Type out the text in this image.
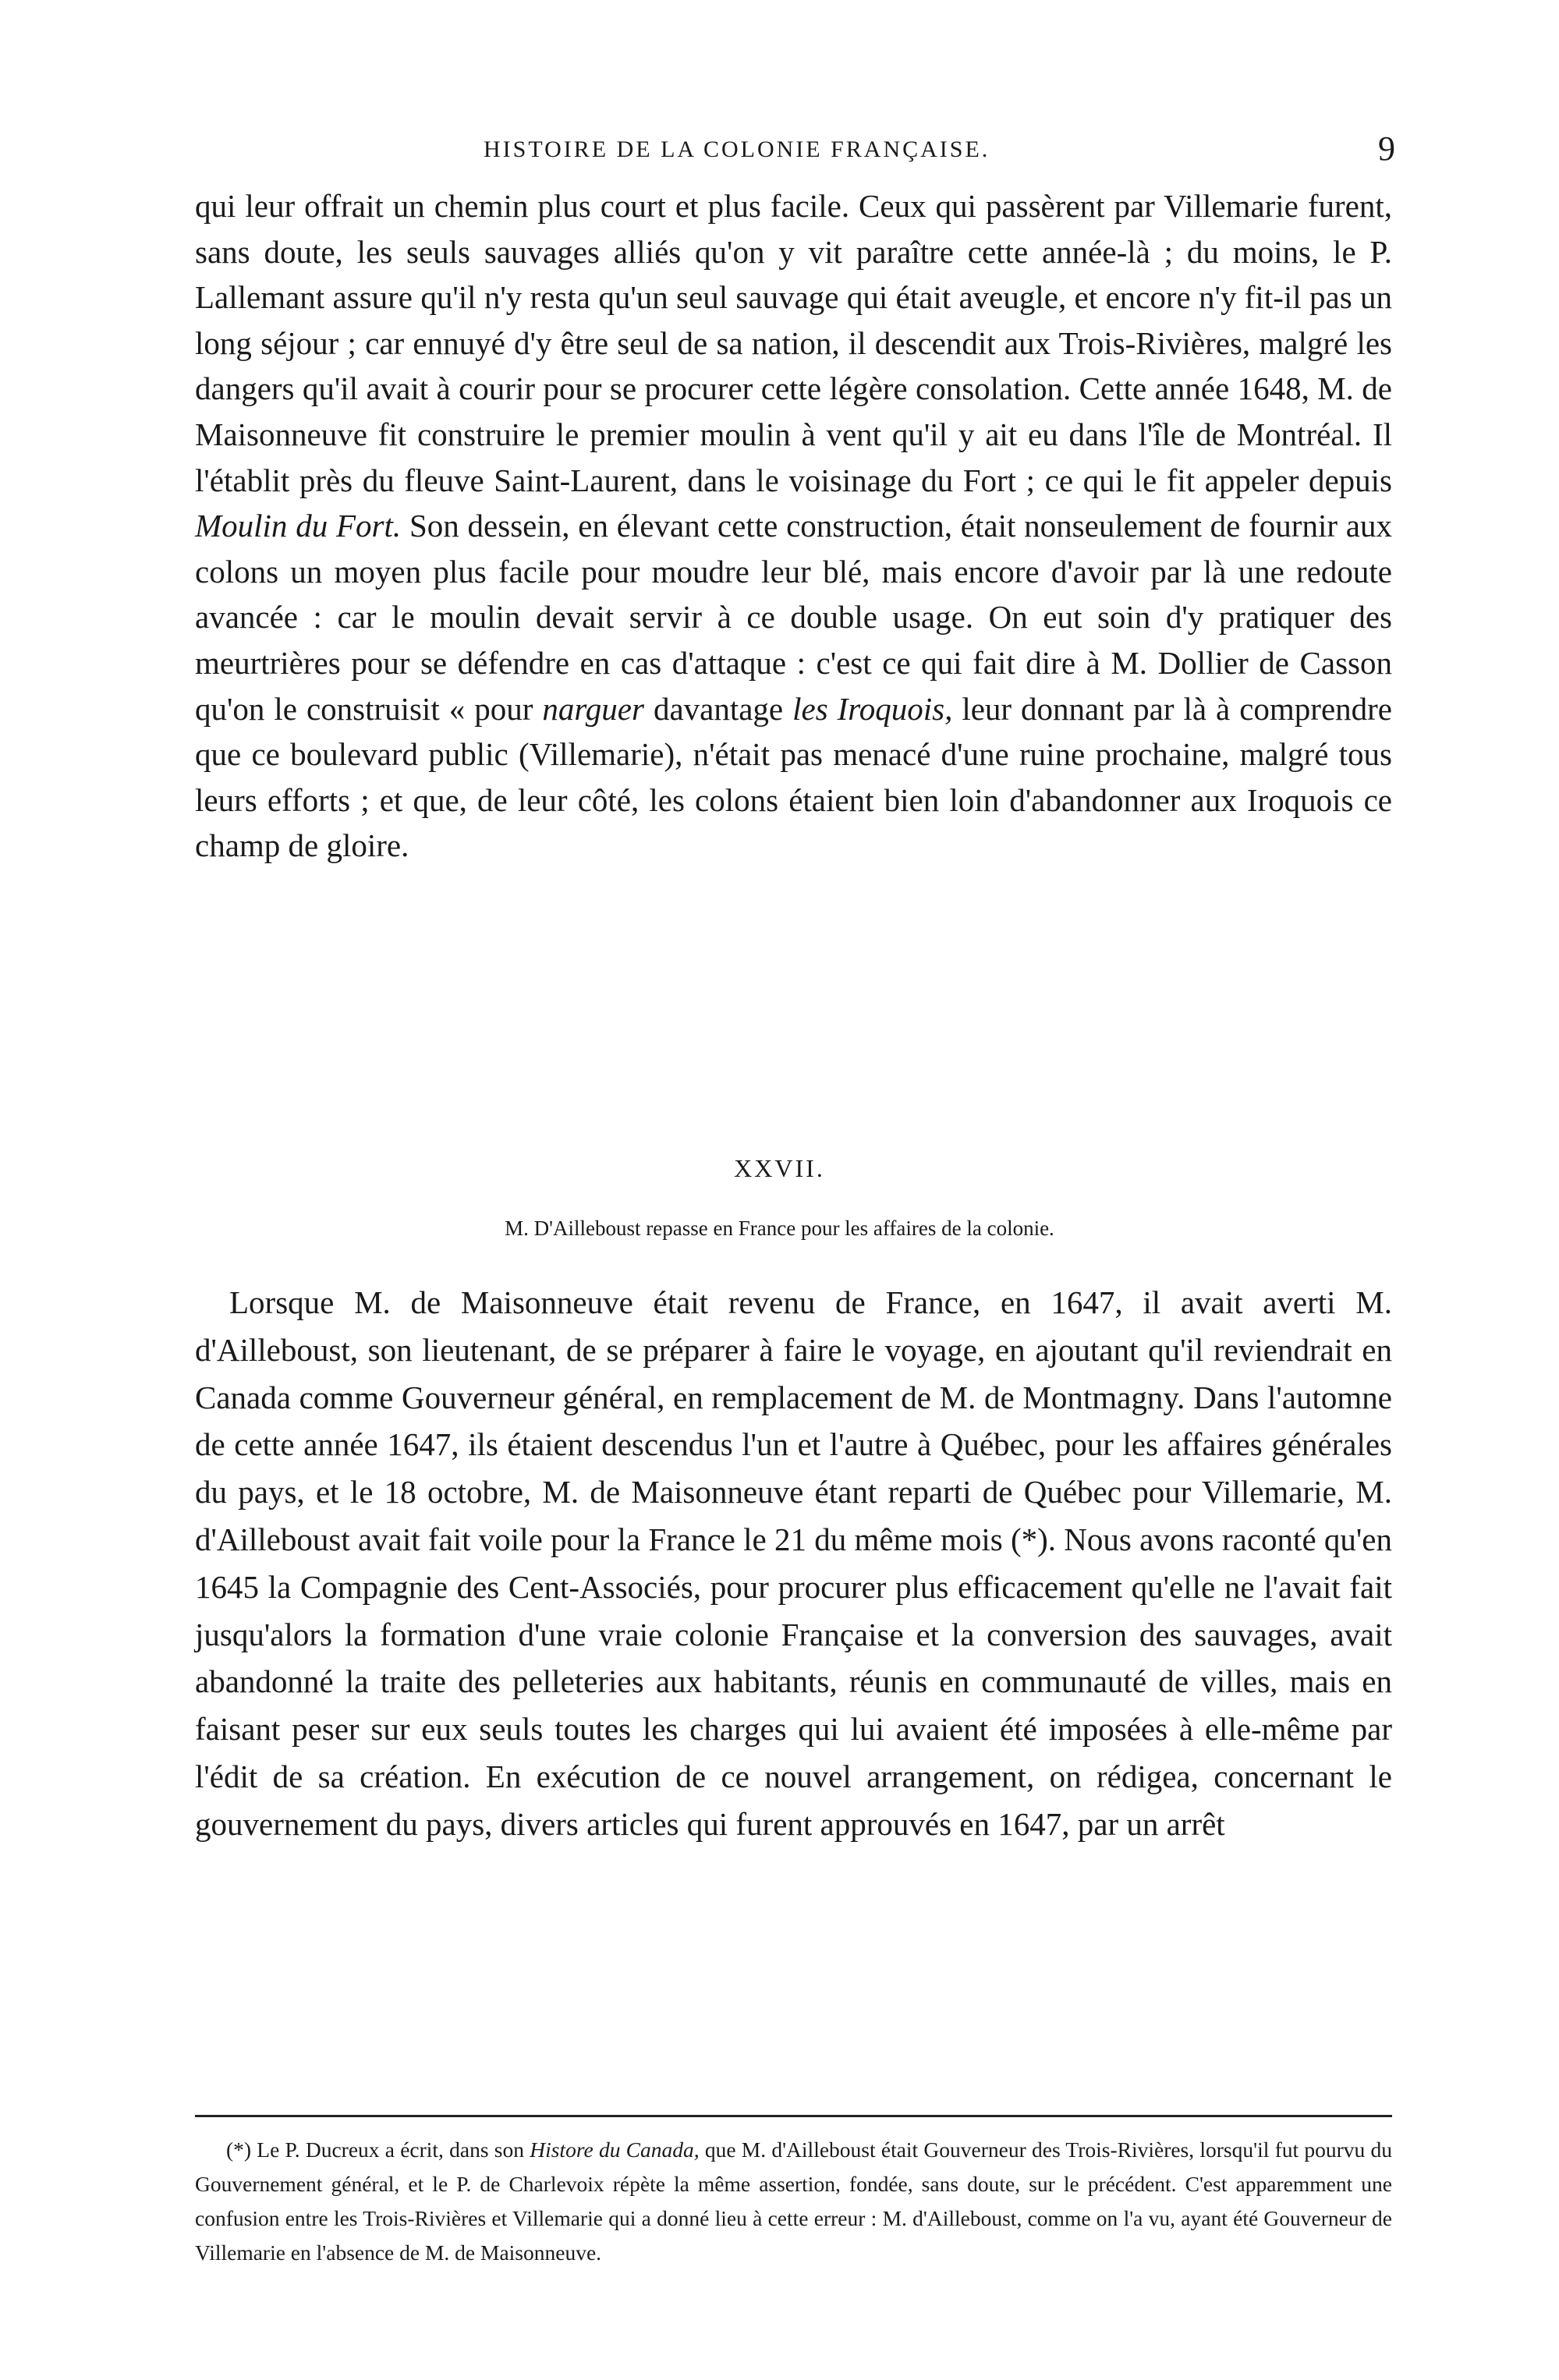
HISTOIRE DE LA COLONIE FRANÇAISE.	9

qui leur offrait un chemin plus court et plus facile. Ceux qui passèrent par Villemarie furent, sans doute, les seuls sauvages alliés qu'on y vit paraître cette année-là ; du moins, le P. Lallemant assure qu'il n'y resta qu'un seul sauvage qui était aveugle, et encore n'y fit-il pas un long séjour ; car ennuyé d'y être seul de sa nation, il descendit aux Trois-Rivières, malgré les dangers qu'il avait à courir pour se procurer cette légère consolation. Cette année 1648, M. de Maisonneuve fit construire le premier moulin à vent qu'il y ait eu dans l'île de Montréal. Il l'établit près du fleuve Saint-Laurent, dans le voisinage du Fort ; ce qui le fit appeler depuis Moulin du Fort. Son dessein, en élevant cette construction, était nonseulement de fournir aux colons un moyen plus facile pour moudre leur blé, mais encore d'avoir par là une redoute avancée : car le moulin devait servir à ce double usage. On eut soin d'y pratiquer des meurtrières pour se défendre en cas d'attaque : c'est ce qui fait dire à M. Dollier de Casson qu'on le construisit « pour narguer davantage les Iroquois, leur donnant par là à comprendre que ce boulevard public (Villemarie), n'était pas menacé d'une ruine prochaine, malgré tous leurs efforts ; et que, de leur côté, les colons étaient bien loin d'abandonner aux Iroquois ce champ de gloire.

XXVII.

M. D'Ailleboust repasse en France pour les affaires de la colonie.

Lorsque M. de Maisonneuve était revenu de France, en 1647, il avait averti M. d'Ailleboust, son lieutenant, de se préparer à faire le voyage, en ajoutant qu'il reviendrait en Canada comme Gouverneur général, en remplacement de M. de Montmagny. Dans l'automne de cette année 1647, ils étaient descendus l'un et l'autre à Québec, pour les affaires générales du pays, et le 18 octobre, M. de Maisonneuve étant reparti de Québec pour Villemarie, M. d'Ailleboust avait fait voile pour la France le 21 du même mois (*). Nous avons raconté qu'en 1645 la Compagnie des Cent-Associés, pour procurer plus efficacement qu'elle ne l'avait fait jusqu'alors la formation d'une vraie colonie Française et la conversion des sauvages, avait abandonné la traite des pelleteries aux habitants, réunis en communauté de villes, mais en faisant peser sur eux seuls toutes les charges qui lui avaient été imposées à elle-même par l'édit de sa création. En exécution de ce nouvel arrangement, on rédigea, concernant le gouvernement du pays, divers articles qui furent approuvés en 1647, par un arrêt

(*) Le P. Ducreux a écrit, dans son Histore du Canada, que M. d'Ailleboust était Gouverneur des Trois-Rivières, lorsqu'il fut pourvu du Gouvernement général, et le P. de Charlevoix répète la même assertion, fondée, sans doute, sur le précédent. C'est apparemment une confusion entre les Trois-Rivières et Villemarie qui a donné lieu à cette erreur : M. d'Ailleboust, comme on l'a vu, ayant été Gouverneur de Villemarie en l'absence de M. de Maisonneuve.
